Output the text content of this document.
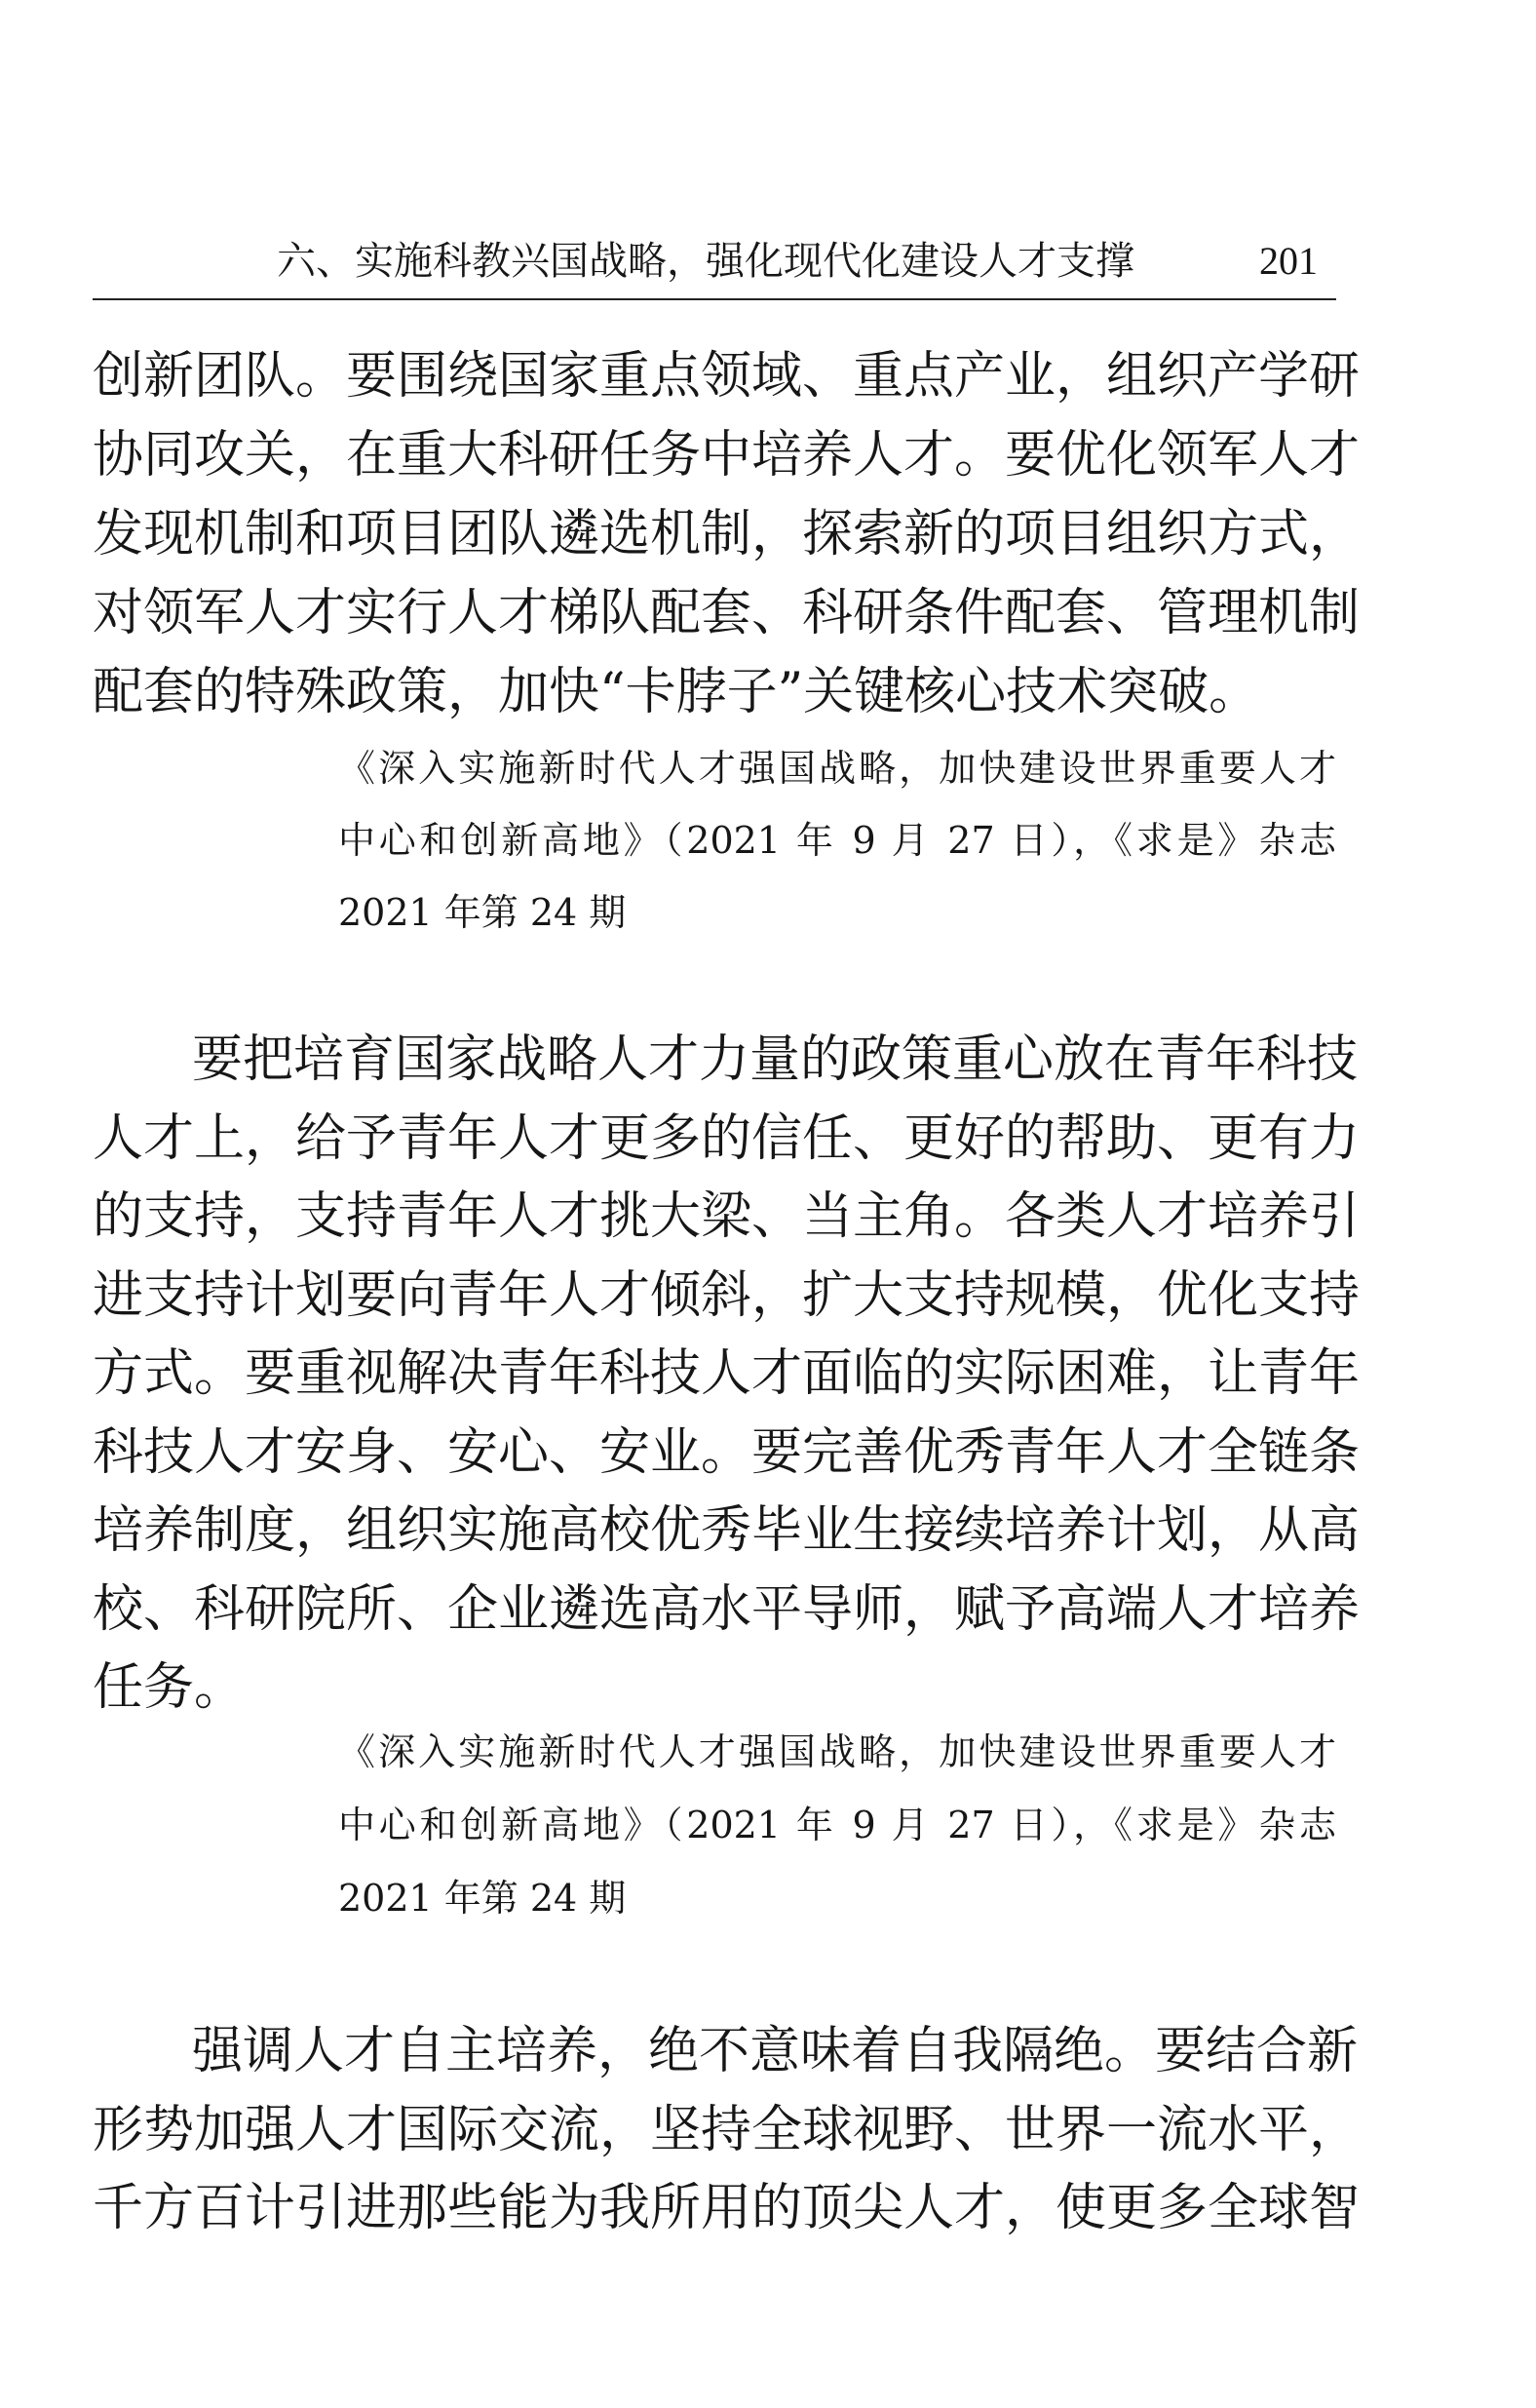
六、实施科教兴国战略，强化现代化建设人才支撑	201
创新团队。要围绕国家重点领域、重点产业，组织产学研
协同攻关，在重大科研任务中培养人才。要优化领军人才
发现机制和项目团队遴选机制，探索新的项目组织方式，
对领军人才实行人才梯队配套、科研条件配套、管理机制
配套的特殊政策，加快“卡脖子”关键核心技术突破。
《深入实施新时代人才强国战略，加快建设世界重要人才
中心和创新高地》（2021 年 9 月 27 日），《求是》杂志
2021 年第 24 期
要把培育国家战略人才力量的政策重心放在青年科技
人才上，给予青年人才更多的信任、更好的帮助、更有力
的支持，支持青年人才挑大梁、当主角。各类人才培养引
进支持计划要向青年人才倾斜，扩大支持规模，优化支持
方式。要重视解决青年科技人才面临的实际困难，让青年
科技人才安身、安心、安业。要完善优秀青年人才全链条
培养制度，组织实施高校优秀毕业生接续培养计划，从高
校、科研院所、企业遴选高水平导师，赋予高端人才培养
任务。
《深入实施新时代人才强国战略，加快建设世界重要人才
中心和创新高地》（2021 年 9 月 27 日），《求是》杂志
2021 年第 24 期
强调人才自主培养，绝不意味着自我隔绝。要结合新
形势加强人才国际交流，坚持全球视野、世界一流水平，
千方百计引进那些能为我所用的顶尖人才，使更多全球智
